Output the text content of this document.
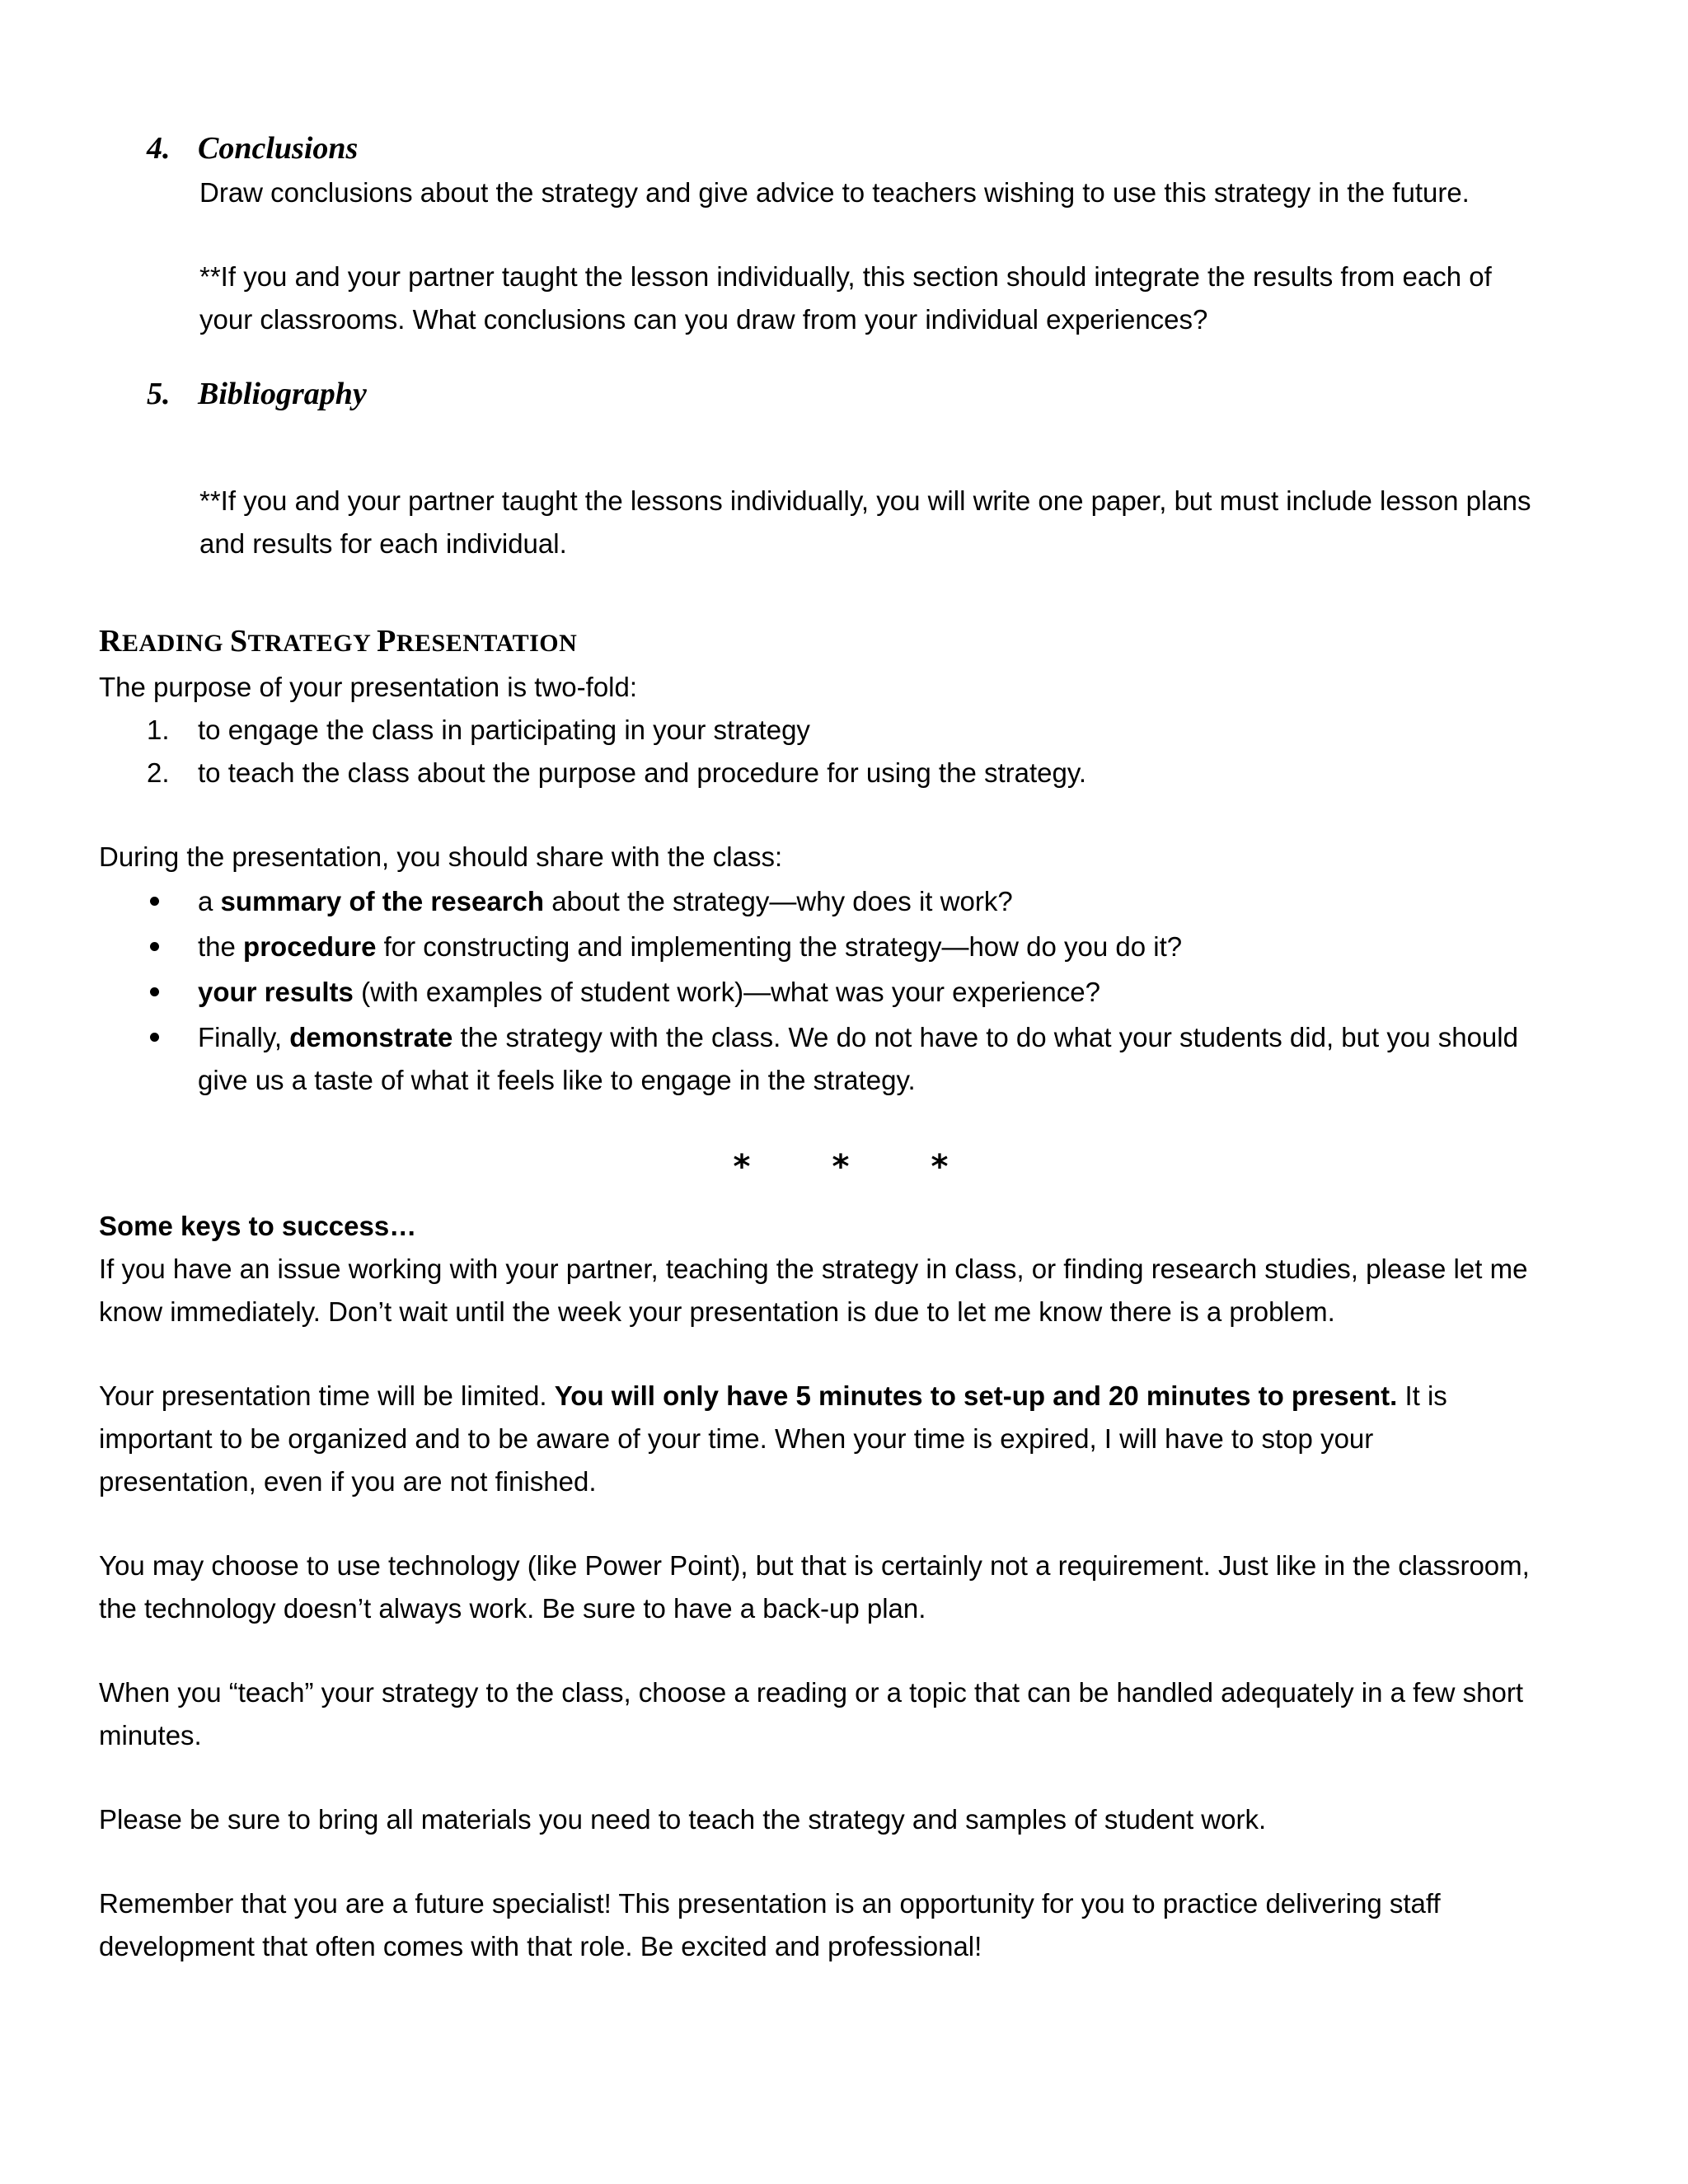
4. Conclusions
Draw conclusions about the strategy and give advice to teachers wishing to use this strategy in the future.
**If you and your partner taught the lesson individually, this section should integrate the results from each of
your classrooms. What conclusions can you draw from your individual experiences?
5. Bibliography
**If you and your partner taught the lessons individually, you will write one paper, but must include lesson plans
and results for each individual.
READING STRATEGY PRESENTATION
The purpose of your presentation is two-fold:
1. to engage the class in participating in your strategy
2. to teach the class about the purpose and procedure for using the strategy.
During the presentation, you should share with the class:
a summary of the research about the strategy—why does it work?
the procedure for constructing and implementing the strategy—how do you do it?
your results (with examples of student work)—what was your experience?
Finally, demonstrate the strategy with the class. We do not have to do what your students did, but you should
give us a taste of what it feels like to engage in the strategy.
* * *
Some keys to success…
If you have an issue working with your partner, teaching the strategy in class, or finding research studies, please let me
know immediately. Don’t wait until the week your presentation is due to let me know there is a problem.
Your presentation time will be limited. You will only have 5 minutes to set-up and 20 minutes to present. It is
important to be organized and to be aware of your time. When your time is expired, I will have to stop your
presentation, even if you are not finished.
You may choose to use technology (like Power Point), but that is certainly not a requirement. Just like in the classroom,
the technology doesn’t always work. Be sure to have a back-up plan.
When you “teach” your strategy to the class, choose a reading or a topic that can be handled adequately in a few short
minutes.
Please be sure to bring all materials you need to teach the strategy and samples of student work.
Remember that you are a future specialist! This presentation is an opportunity for you to practice delivering staff
development that often comes with that role. Be excited and professional!
